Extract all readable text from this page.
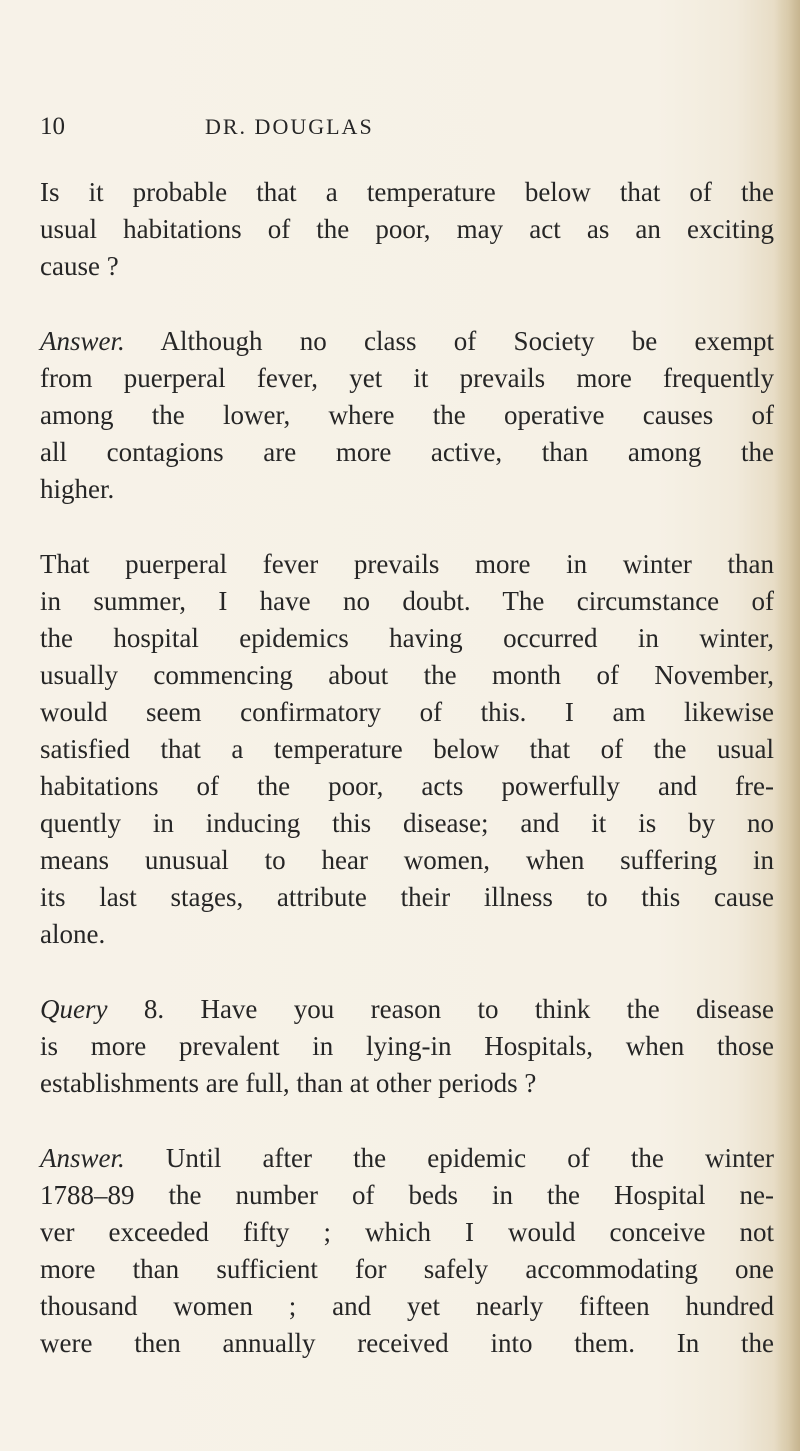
10	DR. DOUGLAS
Is it probable that a temperature below that of the
usual habitations of the poor, may act as an exciting
cause ?
Answer. Although no class of Society be exempt
from puerperal fever, yet it prevails more frequently
among the lower, where the operative causes of
all contagions are more active, than among the
higher.
That puerperal fever prevails more in winter than
in summer, I have no doubt. The circumstance of
the hospital epidemics having occurred in winter,
usually commencing about the month of November,
would seem confirmatory of this. I am likewise
satisfied that a temperature below that of the usual
habitations of the poor, acts powerfully and fre-
quently in inducing this disease; and it is by no
means unusual to hear women, when suffering in
its last stages, attribute their illness to this cause
alone.
Query 8. Have you reason to think the disease
is more prevalent in lying-in Hospitals, when those
establishments are full, than at other periods ?
Answer. Until after the epidemic of the winter
1788–89 the number of beds in the Hospital ne-
ver exceeded fifty ; which I would conceive not
more than sufficient for safely accommodating one
thousand women ; and yet nearly fifteen hundred
were then annually received into them. In the
